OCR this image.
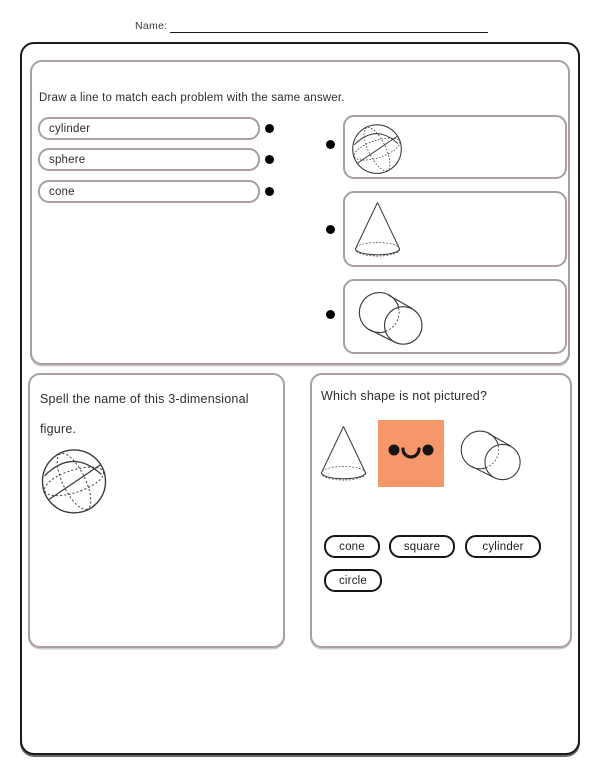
Name:
Draw a line to match each problem with the same answer.
cylinder
sphere
cone
Spell the name of this 3-dimensional figure.
Which shape is not pictured?
cone	square	cylinder
circle
